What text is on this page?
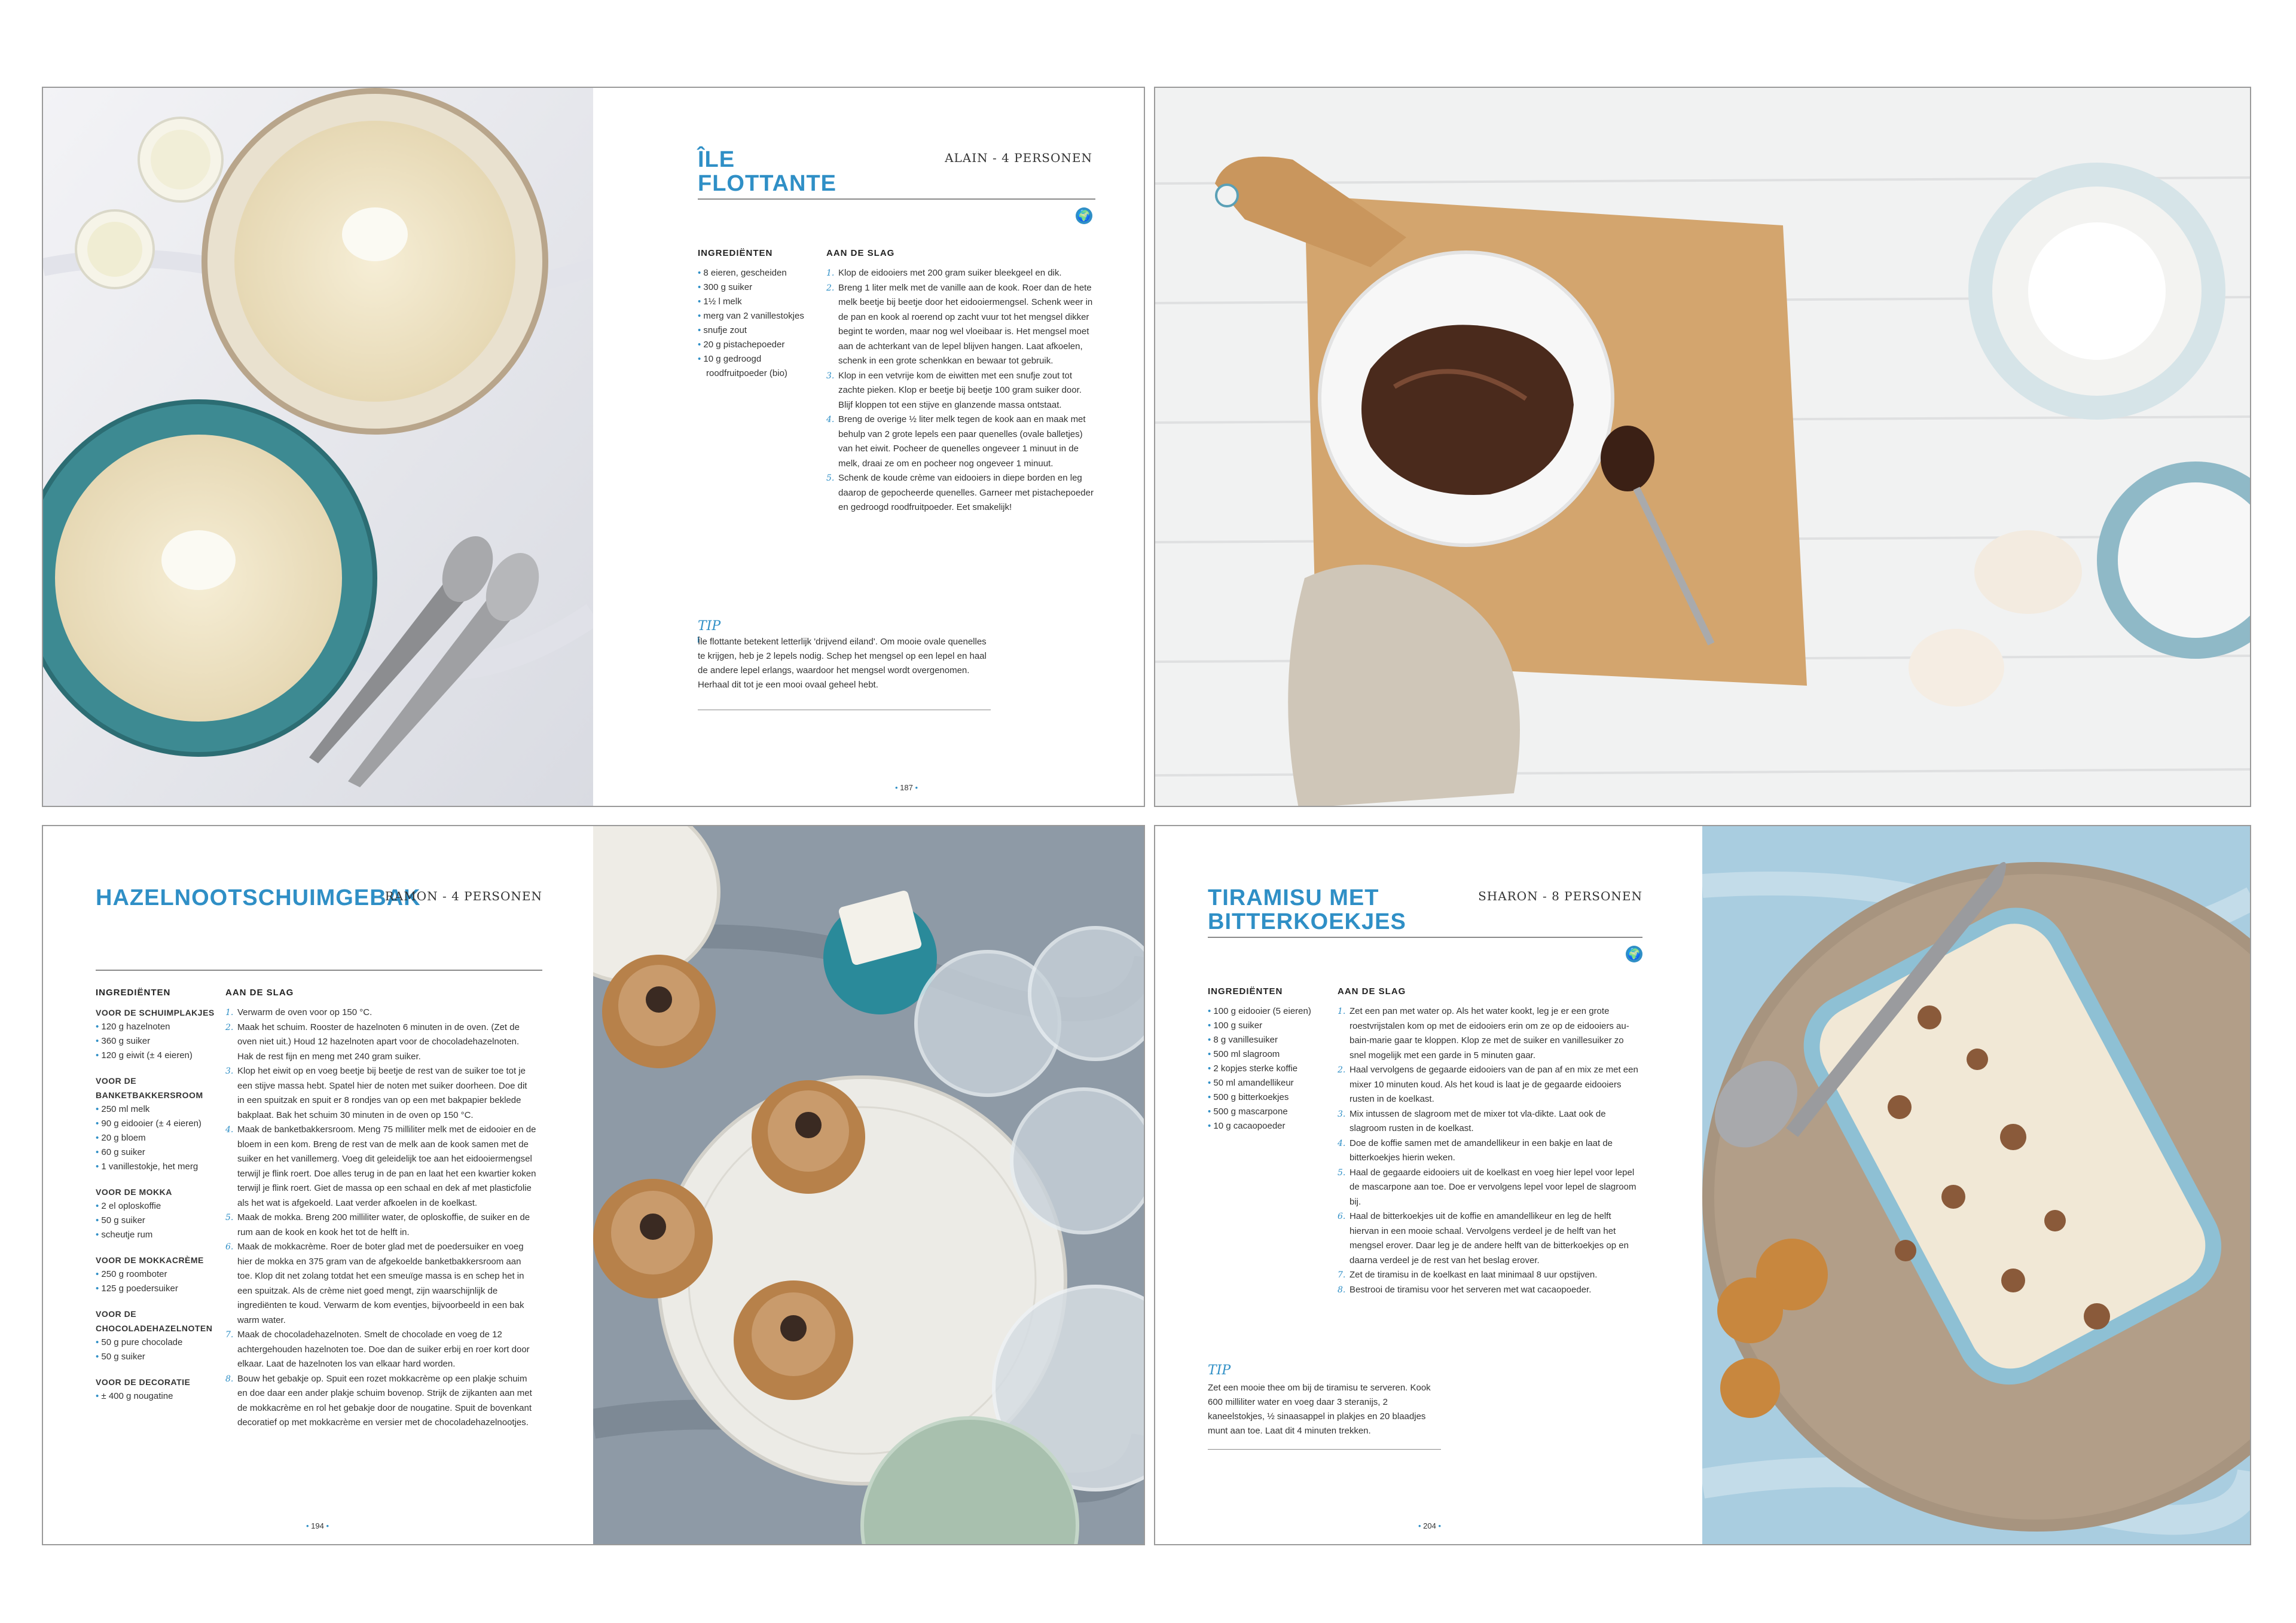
ÎLE
FLOTTANTE
ALAIN - 4 PERSONEN
🌍
INGREDIËNTEN
• 8 eieren, gescheiden
• 300 g suiker
• 1½ l melk
• merg van 2 vanillestokjes
• snufje zout
• 20 g pistachepoeder
• 10 g gedroogd roodfruitpoeder (bio)
AAN DE SLAG
1. Klop de eidooiers met 200 gram suiker bleekgeel en dik.
2. Breng 1 liter melk met de vanille aan de kook. Roer dan de hete melk beetje bij beetje door het eidooiermengsel. Schenk weer in de pan en kook al roerend op zacht vuur tot het mengsel dikker begint te worden, maar nog wel vloeibaar is. Het mengsel moet aan de achterkant van de lepel blijven hangen. Laat afkoelen, schenk in een grote schenkkan en bewaar tot gebruik.
3. Klop in een vetvrije kom de eiwitten met een snufje zout tot zachte pieken. Klop er beetje bij beetje 100 gram suiker door. Blijf kloppen tot een stijve en glanzende massa ontstaat.
4. Breng de overige ½ liter melk tegen de kook aan en maak met behulp van 2 grote lepels een paar quenelles (ovale balletjes) van het eiwit. Pocheer de quenelles ongeveer 1 minuut in de melk, draai ze om en pocheer nog ongeveer 1 minuut.
5. Schenk de koude crème van eidooiers in diepe borden en leg daarop de gepocheerde quenelles. Garneer met pistachepoeder en gedroogd roodfruitpoeder. Eet smakelijk!
TIP
Île flottante betekent letterlijk 'drijvend eiland'. Om mooie ovale quenelles te krijgen, heb je 2 lepels nodig. Schep het mengsel op een lepel en haal de andere lepel erlangs, waardoor het mengsel wordt overgenomen. Herhaal dit tot je een mooi ovaal geheel hebt.
• 187 •
HAZELNOOTSCHUIMGEBAK
RAMON - 4 PERSONEN
INGREDIËNTEN
VOOR DE SCHUIMPLAKJES
• 120 g hazelnoten
• 360 g suiker
• 120 g eiwit (± 4 eieren)
VOOR DE BANKETBAKKERSROOM
• 250 ml melk
• 90 g eidooier (± 4 eieren)
• 20 g bloem
• 60 g suiker
• 1 vanillestokje, het merg
VOOR DE MOKKA
• 2 el oploskoffie
• 50 g suiker
• scheutje rum
VOOR DE MOKKACRÈME
• 250 g roomboter
• 125 g poedersuiker
VOOR DE CHOCOLADEHAZELNOTEN
• 50 g pure chocolade
• 50 g suiker
VOOR DE DECORATIE
• ± 400 g nougatine
AAN DE SLAG
1. Verwarm de oven voor op 150 °C.
2. Maak het schuim. Rooster de hazelnoten 6 minuten in de oven. (Zet de oven niet uit.) Houd 12 hazelnoten apart voor de chocoladehazelnoten. Hak de rest fijn en meng met 240 gram suiker.
3. Klop het eiwit op en voeg beetje bij beetje de rest van de suiker toe tot je een stijve massa hebt. Spatel hier de noten met suiker doorheen. Doe dit in een spuitzak en spuit er 8 rondjes van op een met bakpapier beklede bakplaat. Bak het schuim 30 minuten in de oven op 150 °C.
4. Maak de banketbakkersroom. Meng 75 milliliter melk met de eidooier en de bloem in een kom. Breng de rest van de melk aan de kook samen met de suiker en het vanillemerg. Voeg dit geleidelijk toe aan het eidooiermengsel terwijl je flink roert. Doe alles terug in de pan en laat het een kwartier koken terwijl je flink roert. Giet de massa op een schaal en dek af met plasticfolie als het wat is afgekoeld. Laat verder afkoelen in de koelkast.
5. Maak de mokka. Breng 200 milliliter water, de oploskoffie, de suiker en de rum aan de kook en kook het tot de helft in.
6. Maak de mokkacrème. Roer de boter glad met de poedersuiker en voeg hier de mokka en 375 gram van de afgekoelde banketbakkersroom aan toe. Klop dit net zolang totdat het een smeuïge massa is en schep het in een spuitzak. Als de crème niet goed mengt, zijn waarschijnlijk de ingrediënten te koud. Verwarm de kom eventjes, bijvoorbeeld in een bak warm water.
7. Maak de chocoladehazelnoten. Smelt de chocolade en voeg de 12 achtergehouden hazelnoten toe. Doe dan de suiker erbij en roer kort door elkaar. Laat de hazelnoten los van elkaar hard worden.
8. Bouw het gebakje op. Spuit een rozet mokkacrème op een plakje schuim en doe daar een ander plakje schuim bovenop. Strijk de zijkanten aan met de mokkacrème en rol het gebakje door de nougatine. Spuit de bovenkant decoratief op met mokkacrème en versier met de chocoladehazelnootjes.
• 194 •
TIRAMISU MET
BITTERKOEKJES
SHARON - 8 PERSONEN
🌍
INGREDIËNTEN
• 100 g eidooier (5 eieren)
• 100 g suiker
• 8 g vanillesuiker
• 500 ml slagroom
• 2 kopjes sterke koffie
• 50 ml amandellikeur
• 500 g bitterkoekjes
• 500 g mascarpone
• 10 g cacaopoeder
AAN DE SLAG
1. Zet een pan met water op. Als het water kookt, leg je er een grote roestvrijstalen kom op met de eidooiers erin om ze op de eidooiers au-bain-marie gaar te kloppen. Klop ze met de suiker en vanillesuiker zo snel mogelijk met een garde in 5 minuten gaar.
2. Haal vervolgens de gegaarde eidooiers van de pan af en mix ze met een mixer 10 minuten koud. Als het koud is laat je de gegaarde eidooiers rusten in de koelkast.
3. Mix intussen de slagroom met de mixer tot vla-dikte. Laat ook de slagroom rusten in de koelkast.
4. Doe de koffie samen met de amandellikeur in een bakje en laat de bitterkoekjes hierin weken.
5. Haal de gegaarde eidooiers uit de koelkast en voeg hier lepel voor lepel de mascarpone aan toe. Doe er vervolgens lepel voor lepel de slagroom bij.
6. Haal de bitterkoekjes uit de koffie en amandellikeur en leg de helft hiervan in een mooie schaal. Vervolgens verdeel je de helft van het mengsel erover. Daar leg je de andere helft van de bitterkoekjes op en daarna verdeel je de rest van het beslag erover.
7. Zet de tiramisu in de koelkast en laat minimaal 8 uur opstijven.
8. Bestrooi de tiramisu voor het serveren met wat cacaopoeder.
TIP
Zet een mooie thee om bij de tiramisu te serveren. Kook 600 milliliter water en voeg daar 3 steranijs, 2 kaneelstokjes, ½ sinaasappel in plakjes en 20 blaadjes munt aan toe. Laat dit 4 minuten trekken.
• 204 •
